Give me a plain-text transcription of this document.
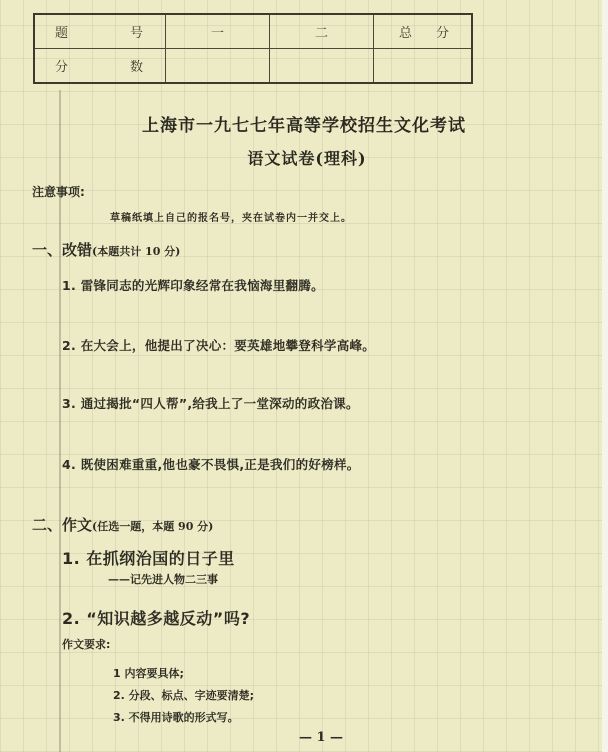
题 号	一	二	总 分

分 数			

上海市一九七七年高等学校招生文化考试
语文试卷(理科)
注意事项:
草稿纸填上自己的报名号，夹在试卷内一并交上。
一、改错(本题共计 10 分)
1. 雷锋同志的光辉印象经常在我恼海里翻腾。
2. 在大会上，他提出了决心：要英雄地攀登科学高峰。
3. 通过揭批“四人帮”,给我上了一堂深动的政治课。
4. 既使困难重重,他也豪不畏惧,正是我们的好榜样。
二、作文(任选一题，本题 90 分)
1. 在抓纲治国的日子里
——记先进人物二三事
2. “知识越多越反动”吗?
作文要求:
1 内容要具体;
2. 分段、标点、字迹要清楚;
3. 不得用诗歌的形式写。
— 1 —
